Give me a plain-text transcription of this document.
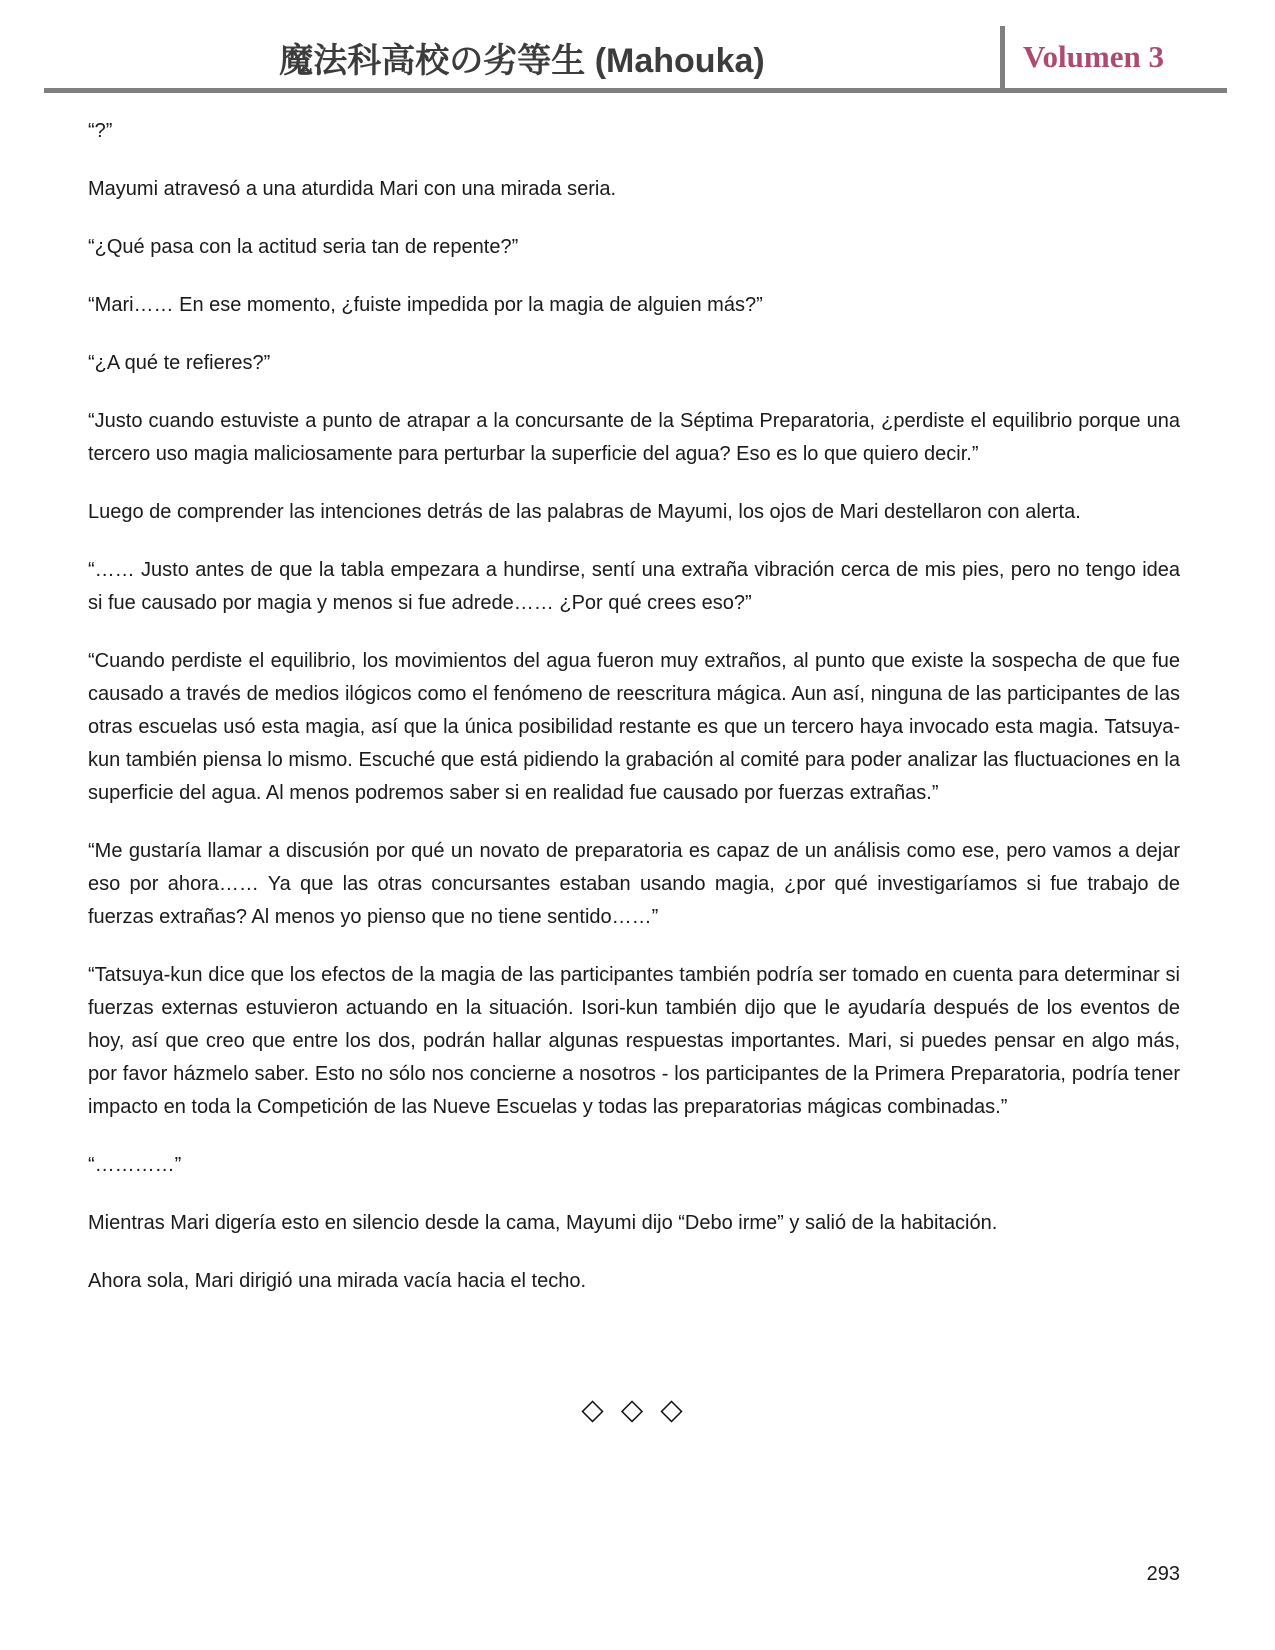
魔法科高校の劣等生 (Mahouka)	Volumen 3

“?”

Mayumi atravesó a una aturdida Mari con una mirada seria.

“¿Qué pasa con la actitud seria tan de repente?”

“Mari…… En ese momento, ¿fuiste impedida por la magia de alguien más?”

“¿A qué te refieres?”

“Justo cuando estuviste a punto de atrapar a la concursante de la Séptima Preparatoria, ¿perdiste el equilibrio porque una tercero uso magia maliciosamente para perturbar la superficie del agua? Eso es lo que quiero decir.”

Luego de comprender las intenciones detrás de las palabras de Mayumi, los ojos de Mari destellaron con alerta.

“…… Justo antes de que la tabla empezara a hundirse, sentí una extraña vibración cerca de mis pies, pero no tengo idea si fue causado por magia y menos si fue adrede…… ¿Por qué crees eso?”

“Cuando perdiste el equilibrio, los movimientos del agua fueron muy extraños, al punto que existe la sospecha de que fue causado a través de medios ilógicos como el fenómeno de reescritura mágica. Aun así, ninguna de las participantes de las otras escuelas usó esta magia, así que la única posibilidad restante es que un tercero haya invocado esta magia. Tatsuya-kun también piensa lo mismo. Escuché que está pidiendo la grabación al comité para poder analizar las fluctuaciones en la superficie del agua. Al menos podremos saber si en realidad fue causado por fuerzas extrañas.”

“Me gustaría llamar a discusión por qué un novato de preparatoria es capaz de un análisis como ese, pero vamos a dejar eso por ahora…… Ya que las otras concursantes estaban usando magia, ¿por qué investigaríamos si fue trabajo de fuerzas extrañas? Al menos yo pienso que no tiene sentido……”

“Tatsuya-kun dice que los efectos de la magia de las participantes también podría ser tomado en cuenta para determinar si fuerzas externas estuvieron actuando en la situación. Isori-kun también dijo que le ayudaría después de los eventos de hoy, así que creo que entre los dos, podrán hallar algunas respuestas importantes. Mari, si puedes pensar en algo más, por favor házmelo saber. Esto no sólo nos concierne a nosotros - los participantes de la Primera Preparatoria, podría tener impacto en toda la Competición de las Nueve Escuelas y todas las preparatorias mágicas combinadas.”

“…………”

Mientras Mari digería esto en silencio desde la cama, Mayumi dijo “Debo irme” y salió de la habitación.

Ahora sola, Mari dirigió una mirada vacía hacia el techo.

◇ ◇ ◇
293
